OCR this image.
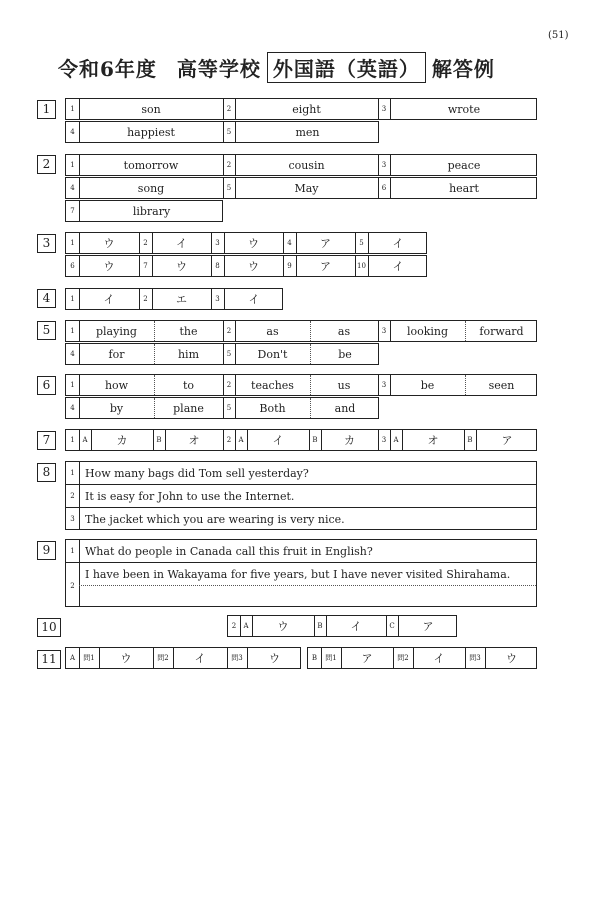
(51)
令和6年度 高等学校 外国語（英語） 解答例
1	1	son	2	eight	3	wrote
4	happiest	5	men
2	1	tomorrow	2	cousin	3	peace
4	song	5	May	6	heart
7	library
3	1	ウ	2	イ	3	ウ	4	ア	5	イ
6	ウ	7	ウ	8	ウ	9	ア	10	イ
4	1	イ	2	エ	3	イ
5	1	playing	the	2	as	as	3	looking	forward
4	for	him	5	Don't	be
6	1	how	to	2	teaches	us	3	be	seen
4	by	plane	5	Both	and
7	1	A	カ	B	オ	2	A	イ	B	カ	3	A	オ	B	ア
8	1 How many bags did Tom sell yesterday?
2 It is easy for John to use the Internet.
3 The jacket which you are wearing is very nice.
9	1 What do people in Canada call this fruit in English?
2
I have been in Wakayama for five years, but I have never visited Shirahama.
10	2	A	ウ	B	イ	C	ア
11	A	問1	ウ	問2	イ	問3	ウ	B	問1	ア	問2	イ	問3	ウ
